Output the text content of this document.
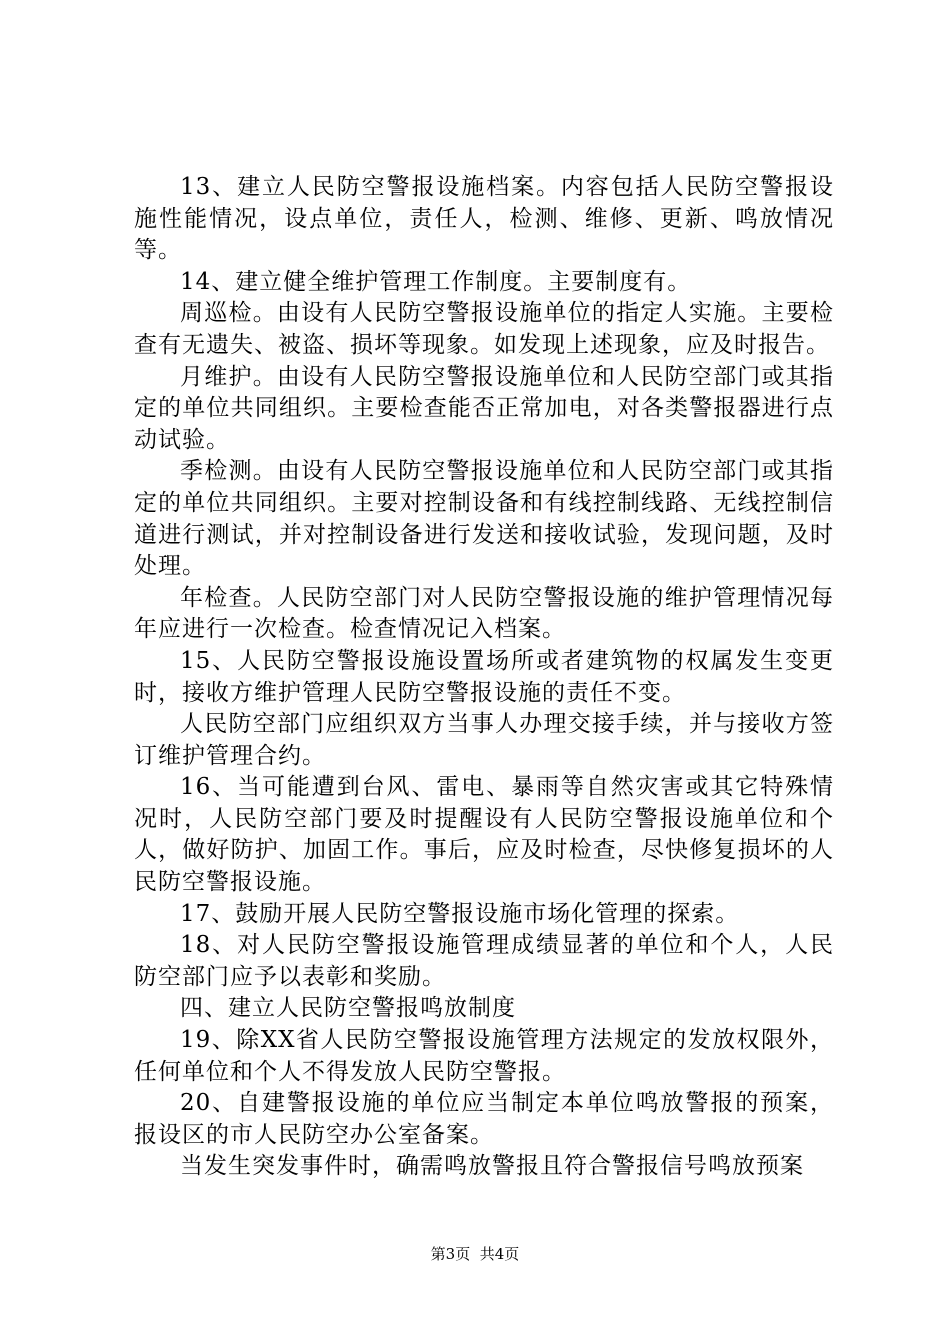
13、建立人民防空警报设施档案。内容包括人民防空警报设施性能情况，设点单位，责任人，检测、维修、更新、鸣放情况等。

14、建立健全维护管理工作制度。主要制度有。

周巡检。由设有人民防空警报设施单位的指定人实施。主要检查有无遗失、被盗、损坏等现象。如发现上述现象，应及时报告。

月维护。由设有人民防空警报设施单位和人民防空部门或其指定的单位共同组织。主要检查能否正常加电，对各类警报器进行点动试验。

季检测。由设有人民防空警报设施单位和人民防空部门或其指定的单位共同组织。主要对控制设备和有线控制线路、无线控制信道进行测试，并对控制设备进行发送和接收试验，发现问题，及时处理。

年检查。人民防空部门对人民防空警报设施的维护管理情况每年应进行一次检查。检查情况记入档案。

15、人民防空警报设施设置场所或者建筑物的权属发生变更时，接收方维护管理人民防空警报设施的责任不变。

人民防空部门应组织双方当事人办理交接手续，并与接收方签订维护管理合约。

16、当可能遭到台风、雷电、暴雨等自然灾害或其它特殊情况时，人民防空部门要及时提醒设有人民防空警报设施单位和个人，做好防护、加固工作。事后，应及时检查，尽快修复损坏的人民防空警报设施。

17、鼓励开展人民防空警报设施市场化管理的探索。

18、对人民防空警报设施管理成绩显著的单位和个人，人民防空部门应予以表彰和奖励。

四、建立人民防空警报鸣放制度

19、除XX省人民防空警报设施管理方法规定的发放权限外，任何单位和个人不得发放人民防空警报。

20、自建警报设施的单位应当制定本单位鸣放警报的预案，报设区的市人民防空办公室备案。

当发生突发事件时，确需鸣放警报且符合警报信号鸣放预案

第3页 共4页
